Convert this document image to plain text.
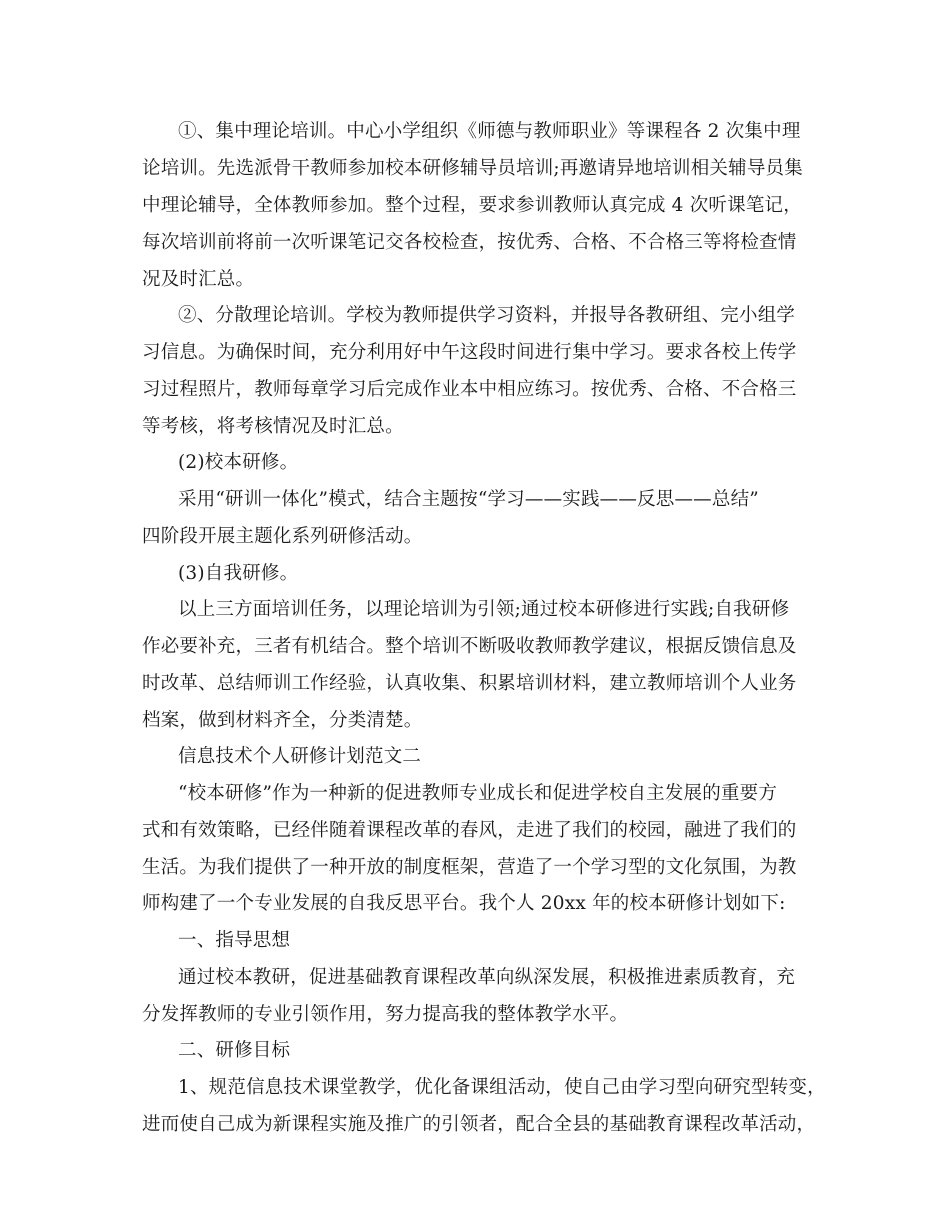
①、集中理论培训。中心小学组织《师德与教师职业》等课程各 2 次集中理
论培训。先选派骨干教师参加校本研修辅导员培训;再邀请异地培训相关辅导员集
中理论辅导，全体教师参加。整个过程，要求参训教师认真完成 4 次听课笔记，
每次培训前将前一次听课笔记交各校检查，按优秀、合格、不合格三等将检查情
况及时汇总。
②、分散理论培训。学校为教师提供学习资料，并报导各教研组、完小组学
习信息。为确保时间，充分利用好中午这段时间进行集中学习。要求各校上传学
习过程照片，教师每章学习后完成作业本中相应练习。按优秀、合格、不合格三
等考核，将考核情况及时汇总。
(2)校本研修。
采用“研训一体化”模式，结合主题按“学习——实践——反思——总结”
四阶段开展主题化系列研修活动。
(3)自我研修。
以上三方面培训任务，以理论培训为引领;通过校本研修进行实践;自我研修
作必要补充，三者有机结合。整个培训不断吸收教师教学建议，根据反馈信息及
时改革、总结师训工作经验，认真收集、积累培训材料，建立教师培训个人业务
档案，做到材料齐全，分类清楚。
信息技术个人研修计划范文二
“校本研修”作为一种新的促进教师专业成长和促进学校自主发展的重要方
式和有效策略，已经伴随着课程改革的春风，走进了我们的校园，融进了我们的
生活。为我们提供了一种开放的制度框架，营造了一个学习型的文化氛围，为教
师构建了一个专业发展的自我反思平台。我个人 20xx 年的校本研修计划如下:
一、指导思想
通过校本教研，促进基础教育课程改革向纵深发展，积极推进素质教育，充
分发挥教师的专业引领作用，努力提高我的整体教学水平。
二、研修目标
1、规范信息技术课堂教学，优化备课组活动，使自己由学习型向研究型转变，
进而使自己成为新课程实施及推广的引领者，配合全县的基础教育课程改革活动，
